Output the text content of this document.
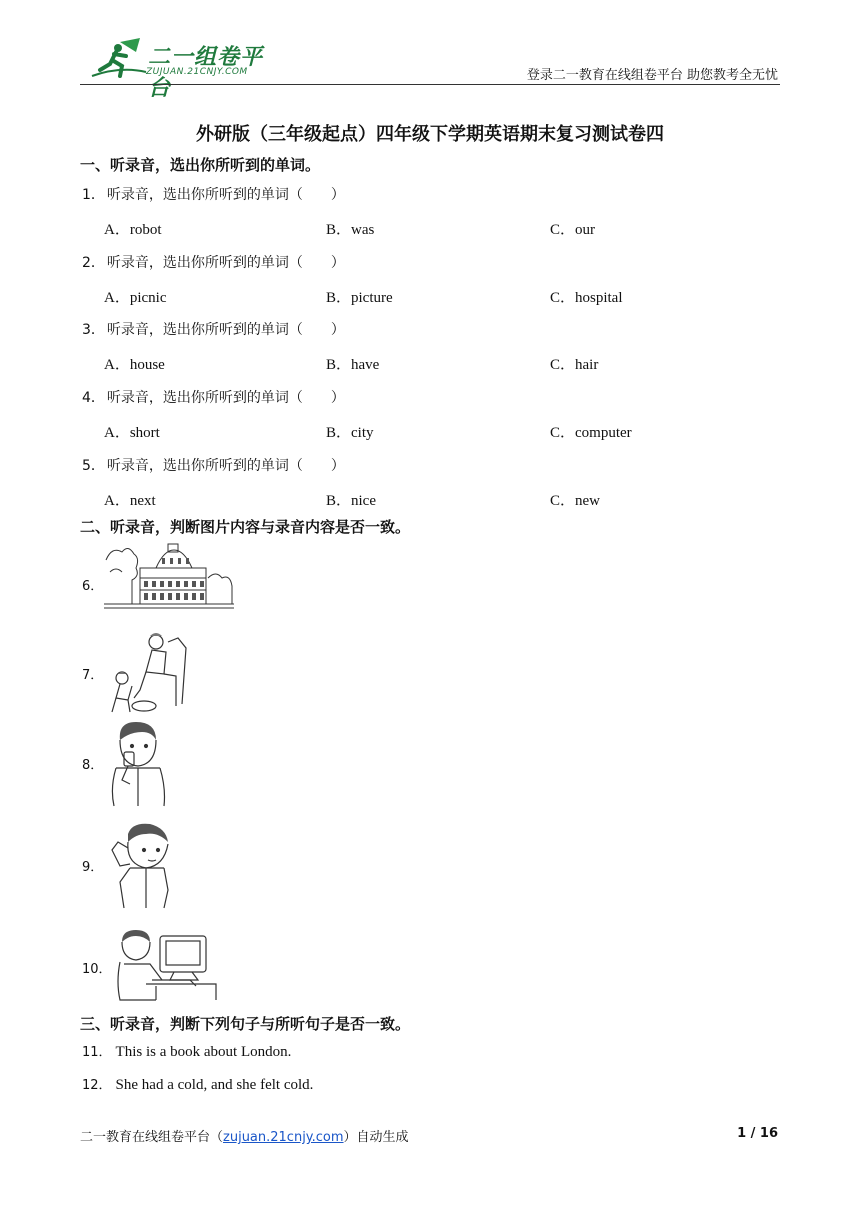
二一组卷平台
ZUJUAN.21CNJY.COM	登录二一教育在线组卷平台 助您教考全无忧
外研版（三年级起点）四年级下学期英语期末复习测试卷四
一、听录音，选出你所听到的单词。
1． 听录音，选出你所听到的单词（　　）
A．robot	B．was	C．our
2． 听录音，选出你所听到的单词（　　）
A．picnic	B．picture	C．hospital
3． 听录音，选出你所听到的单词（　　）
A．house	B．have	C．hair
4． 听录音，选出你所听到的单词（　　）
A．short	B．city	C．computer
5． 听录音，选出你所听到的单词（　　）
A．next	B．nice	C．new
二、听录音，判断图片内容与录音内容是否一致。
6．
7．
8．
9．
10．
三、听录音，判断下列句子与所听句子是否一致。
11． This is a book about London.
12． She had a cold, and she felt cold.
二一教育在线组卷平台（zujuan.21cnjy.com）自动生成	1 / 16
